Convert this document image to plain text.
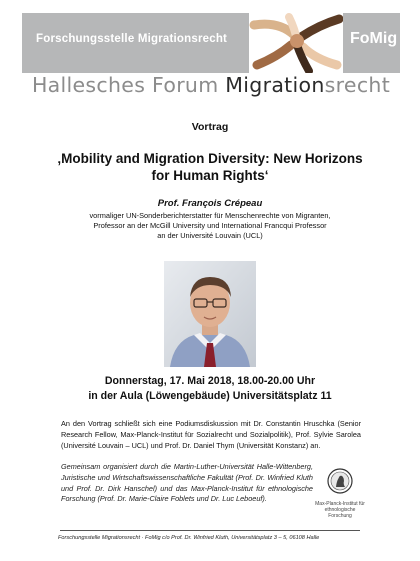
Forschungsstelle Migrationsrecht	FoMig
Hallesches Forum Migrationsrecht
Vortrag
‚Mobility and Migration Diversity: New Horizons
for Human Rights‘
Prof. François Crépeau
vormaliger UN-Sonderberichterstatter für Menschenrechte von Migranten,
Professor an der McGill University und International Francqui Professor
an der Université Louvain (UCL)
Donnerstag, 17. Mai 2018, 18.00-20.00 Uhr
in der Aula (Löwengebäude) Universitätsplatz 11
An den Vortrag schließt sich eine Podiumsdiskussion mit Dr. Constantin Hruschka (Senior Research Fellow, Max-Planck-Institut für Sozialrecht und Sozialpolitik), Prof. Sylvie Sarolea (Université Louvain – UCL) und Prof. Dr. Daniel Thym (Universität Konstanz) an.
Gemeinsam organisiert durch die Martin-Luther-Universität Halle-Wittenberg, Juristische und Wirtschaftswissenschaftliche Fakultät (Prof. Dr. Winfried Kluth und Prof. Dr. Dirk Hanschel) und das Max-Planck-Institut für ethnologische Forschung (Prof. Dr. Marie-Claire Foblets und Dr. Luc Leboeuf).
Max-Planck-Institut für
ethnologische Forschung
Forschungsstelle Migrationsrecht · FoMig c/o Prof. Dr. Winfried Kluth, Universitätsplatz 3 – 5, 06108 Halle
